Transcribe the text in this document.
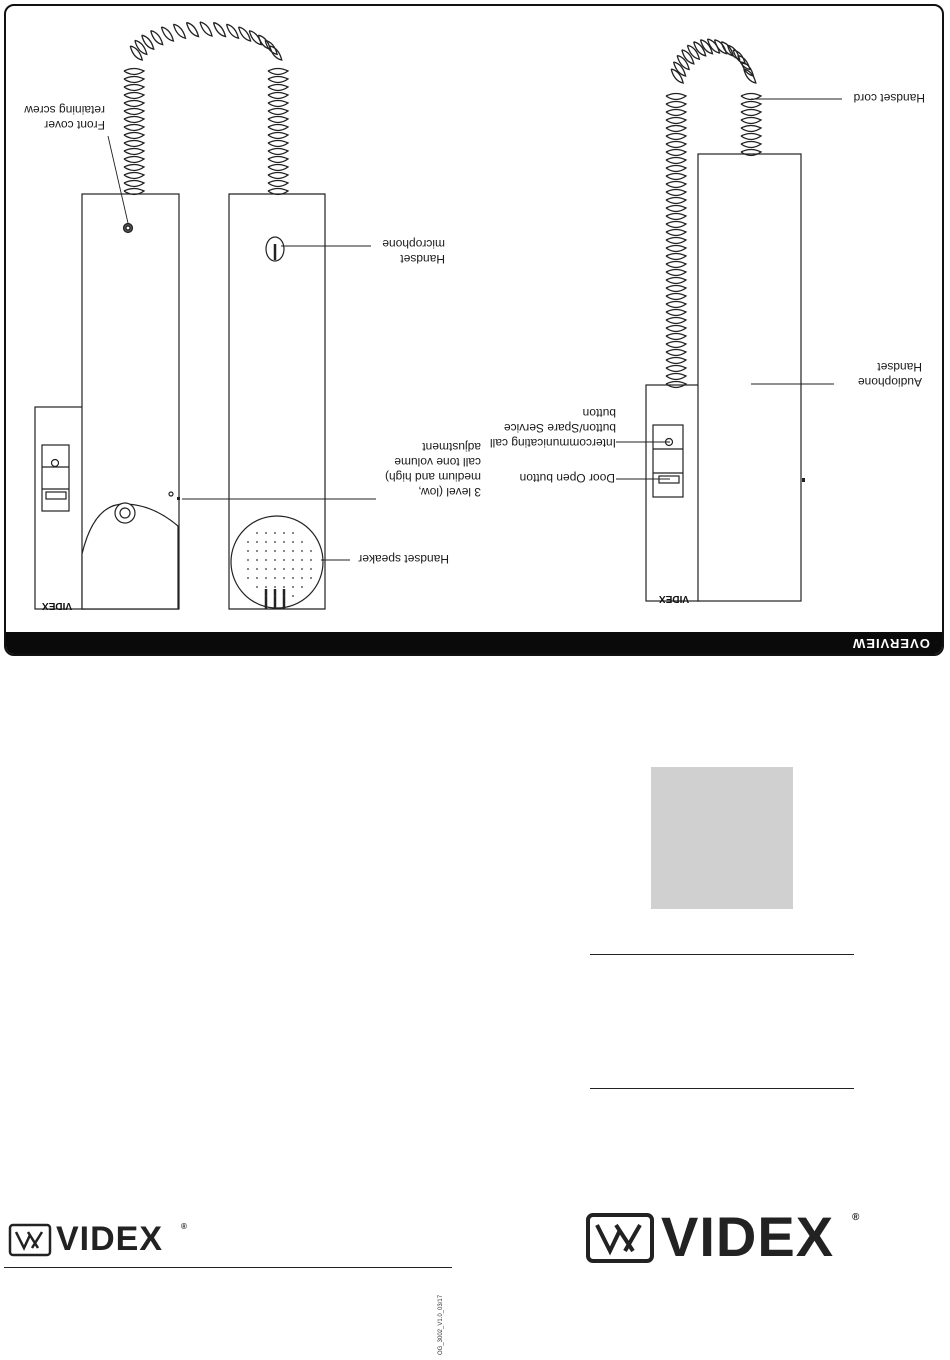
VIDEX
VIDEX
Front cover
retaining screw
Handset
microphone
3 level (low,
medium and high)
call tone volume
adjustment
Handset speaker
Handset cord
Audiophone
Handset
Intercommunicating call
button/Spare Service
button
Door Open button
OVERVIEW
VIDEX ®
OG_3002_V1.0_03/17
VIDEX ®
